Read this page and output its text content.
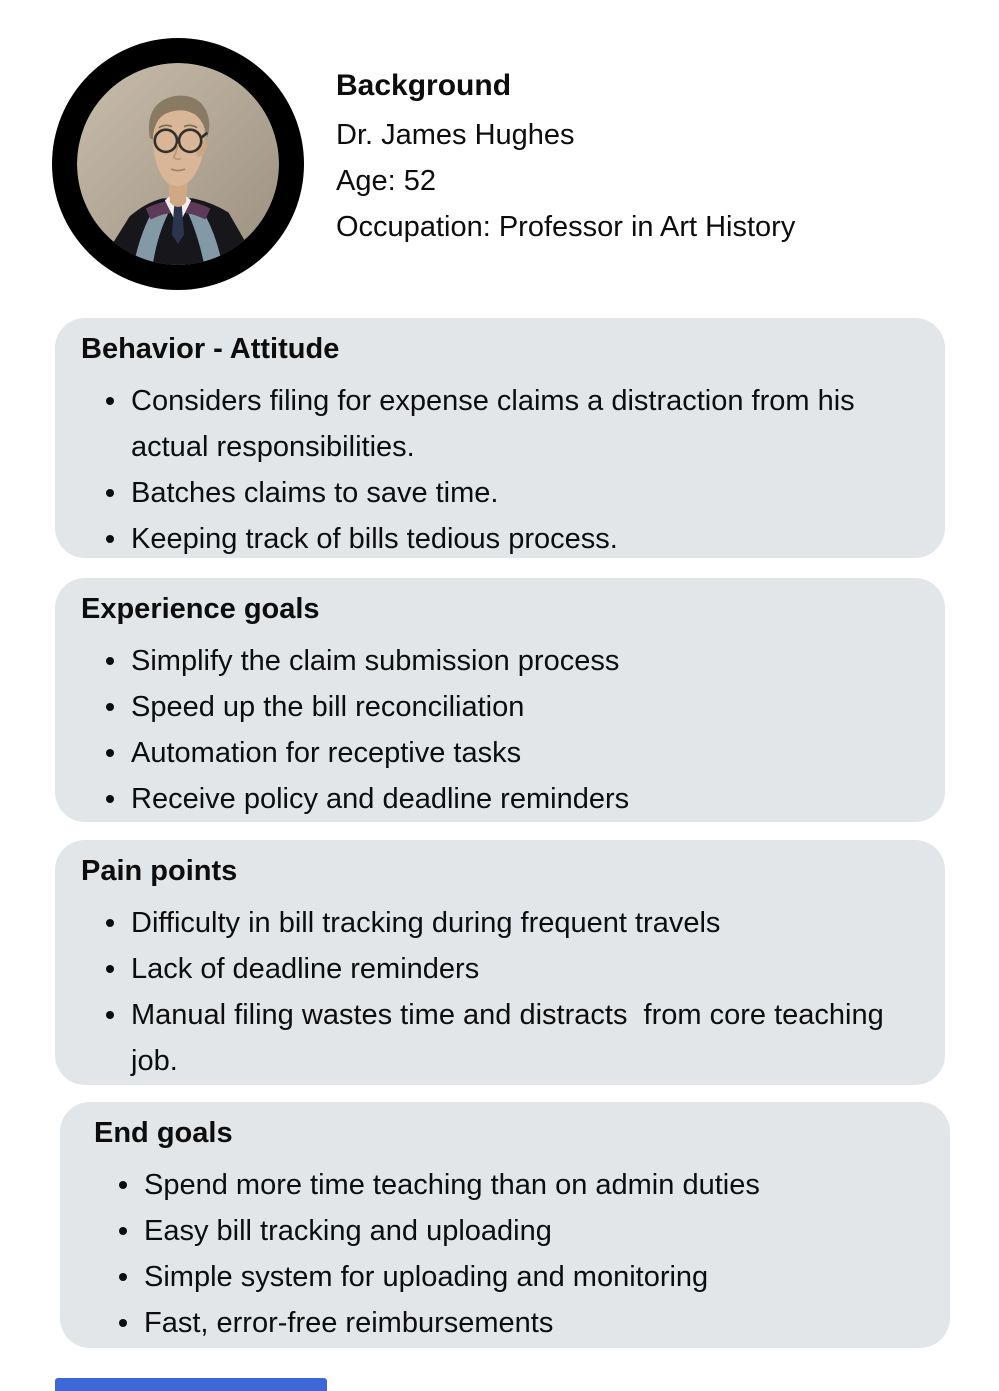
Background

Dr. James Hughes

Age: 52

Occupation: Professor in Art History

Behavior - Attitude
Considers filing for expense claims a distraction from his actual responsibilities.
Batches claims to save time.
Keeping track of bills tedious process.
Experience goals
Simplify the claim submission process
Speed up the bill reconciliation
Automation for receptive tasks
Receive policy and deadline reminders
Pain points
Difficulty in bill tracking during frequent travels
Lack of deadline reminders
Manual filing wastes time and distracts  from core teaching job.
End goals
Spend more time teaching than on admin duties
Easy bill tracking and uploading
Simple system for uploading and monitoring
Fast, error-free reimbursements
